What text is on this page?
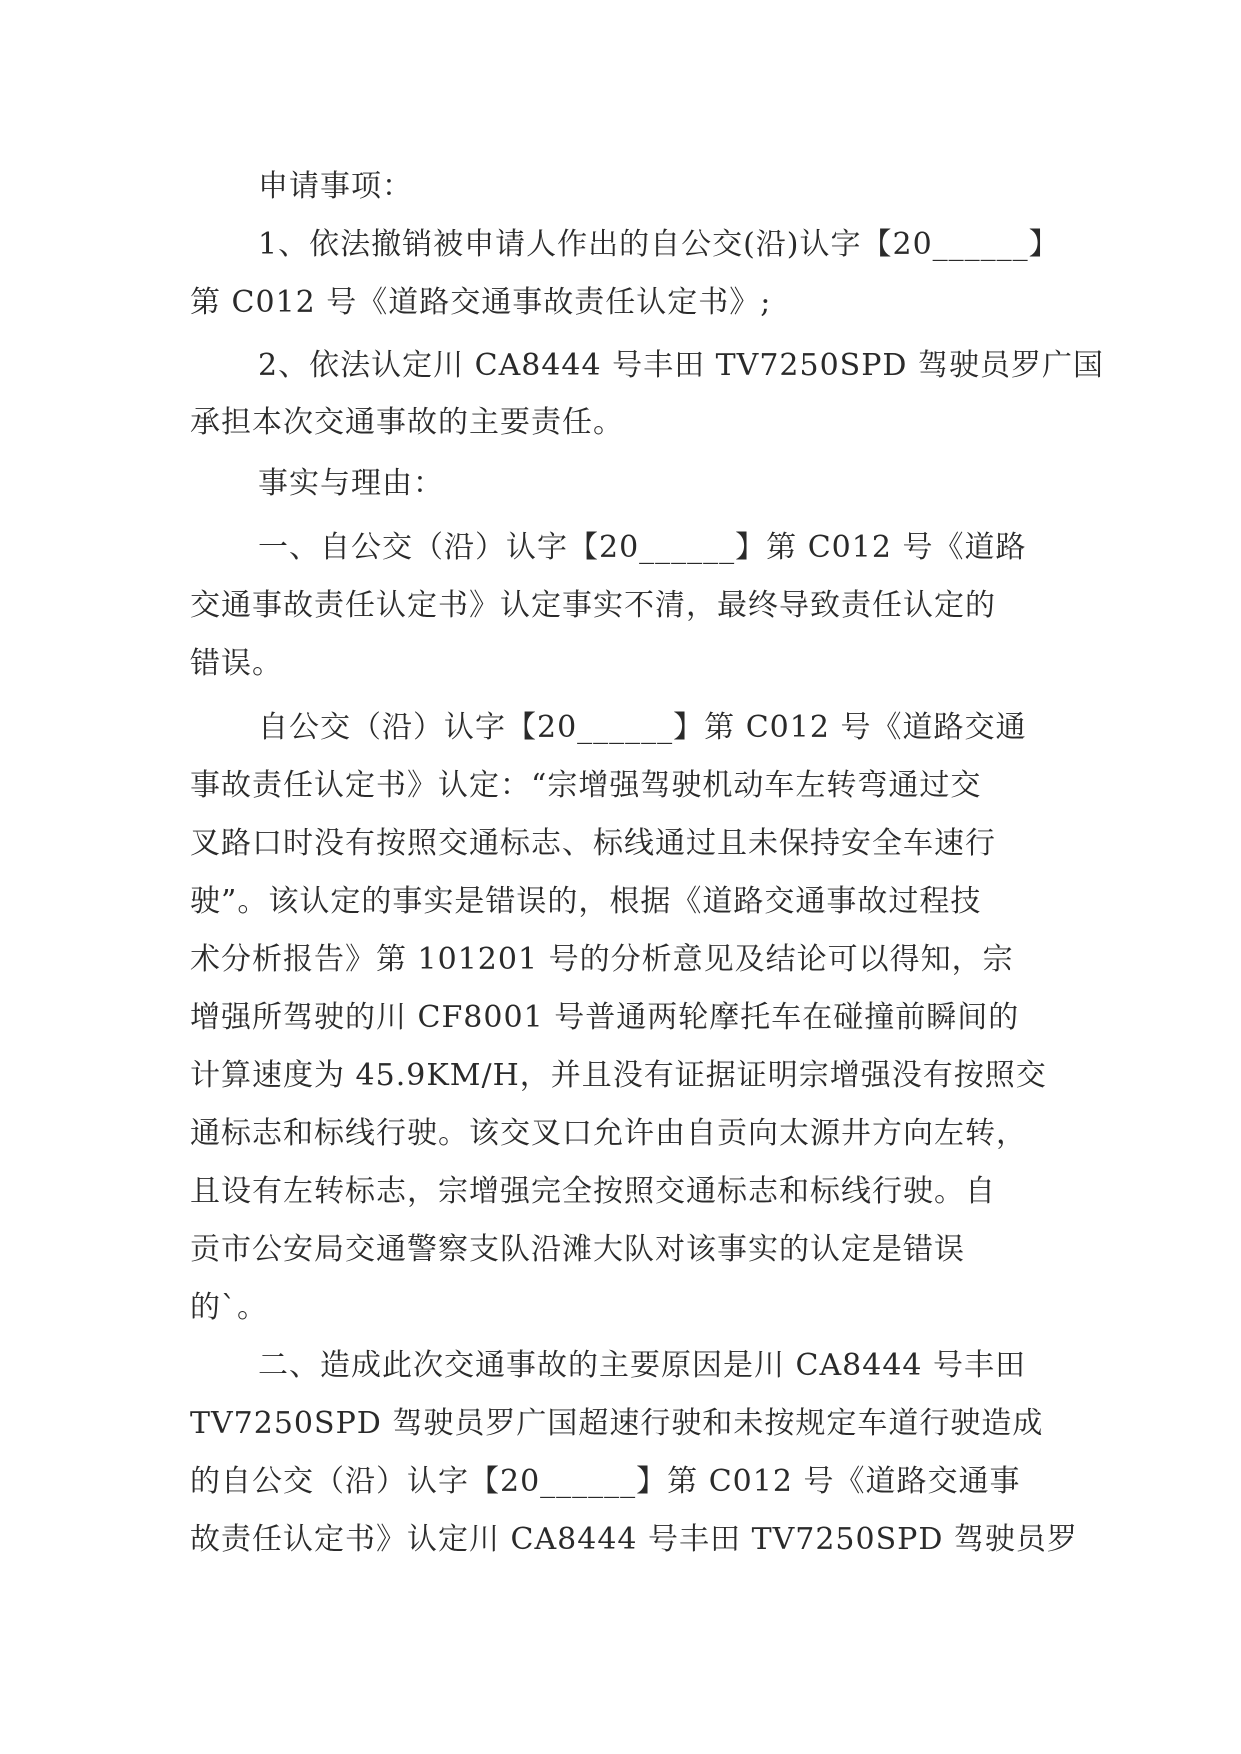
申请事项：
1、依法撤销被申请人作出的自公交(沿)认字【20______】
第 C012 号《道路交通事故责任认定书》;
2、依法认定川 CA8444 号丰田 TV7250SPD 驾驶员罗广国
承担本次交通事故的主要责任。
事实与理由：
一、自公交（沿）认字【20______】第 C012 号《道路
交通事故责任认定书》认定事实不清，最终导致责任认定的
错误。
自公交（沿）认字【20______】第 C012 号《道路交通
事故责任认定书》认定：“宗增强驾驶机动车左转弯通过交
叉路口时没有按照交通标志、标线通过且未保持安全车速行
驶”。该认定的事实是错误的，根据《道路交通事故过程技
术分析报告》第 101201 号的分析意见及结论可以得知，宗
增强所驾驶的川 CF8001 号普通两轮摩托车在碰撞前瞬间的
计算速度为 45.9KM/H，并且没有证据证明宗增强没有按照交
通标志和标线行驶。该交叉口允许由自贡向太源井方向左转，
且设有左转标志，宗增强完全按照交通标志和标线行驶。自
贡市公安局交通警察支队沿滩大队对该事实的认定是错误
的`。
二、造成此次交通事故的主要原因是川 CA8444 号丰田
TV7250SPD 驾驶员罗广国超速行驶和未按规定车道行驶造成
的自公交（沿）认字【20______】第 C012 号《道路交通事
故责任认定书》认定川 CA8444 号丰田 TV7250SPD 驾驶员罗
